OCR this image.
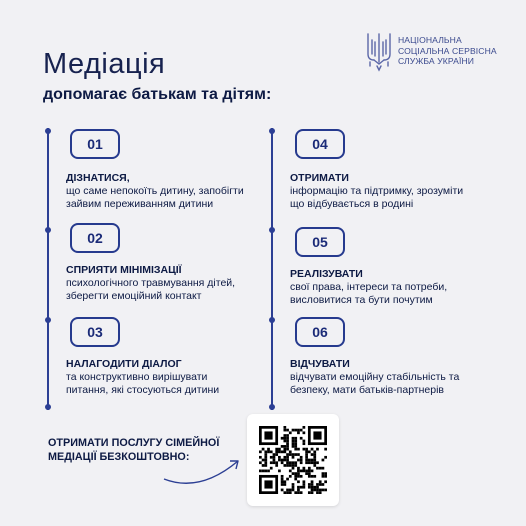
НАЦІОНАЛЬНА
СОЦІАЛЬНА СЕРВІСНА
СЛУЖБА УКРАЇНИ
Медіація
допомагає батькам та дітям:
01
ДІЗНАТИСЯ,
що саме непокоїть дитину, запобігти
зайвим переживанням дитини
02
СПРИЯТИ МІНІМІЗАЦІЇ
психологічного травмування дітей,
зберегти емоційний контакт
03
НАЛАГОДИТИ ДІАЛОГ
та конструктивно вирішувати
питання, які стосуються дитини
04
ОТРИМАТИ
інформацію та підтримку, зрозуміти
що відбувається в родині
05
РЕАЛІЗУВАТИ
свої права, інтереси та потреби,
висловитися та бути почутим
06
ВІДЧУВАТИ
відчувати емоційну стабільність та
безпеку, мати батьків-партнерів
ОТРИМАТИ ПОСЛУГУ СІМЕЙНОЇ
МЕДІАЦІЇ БЕЗКОШТОВНО:
